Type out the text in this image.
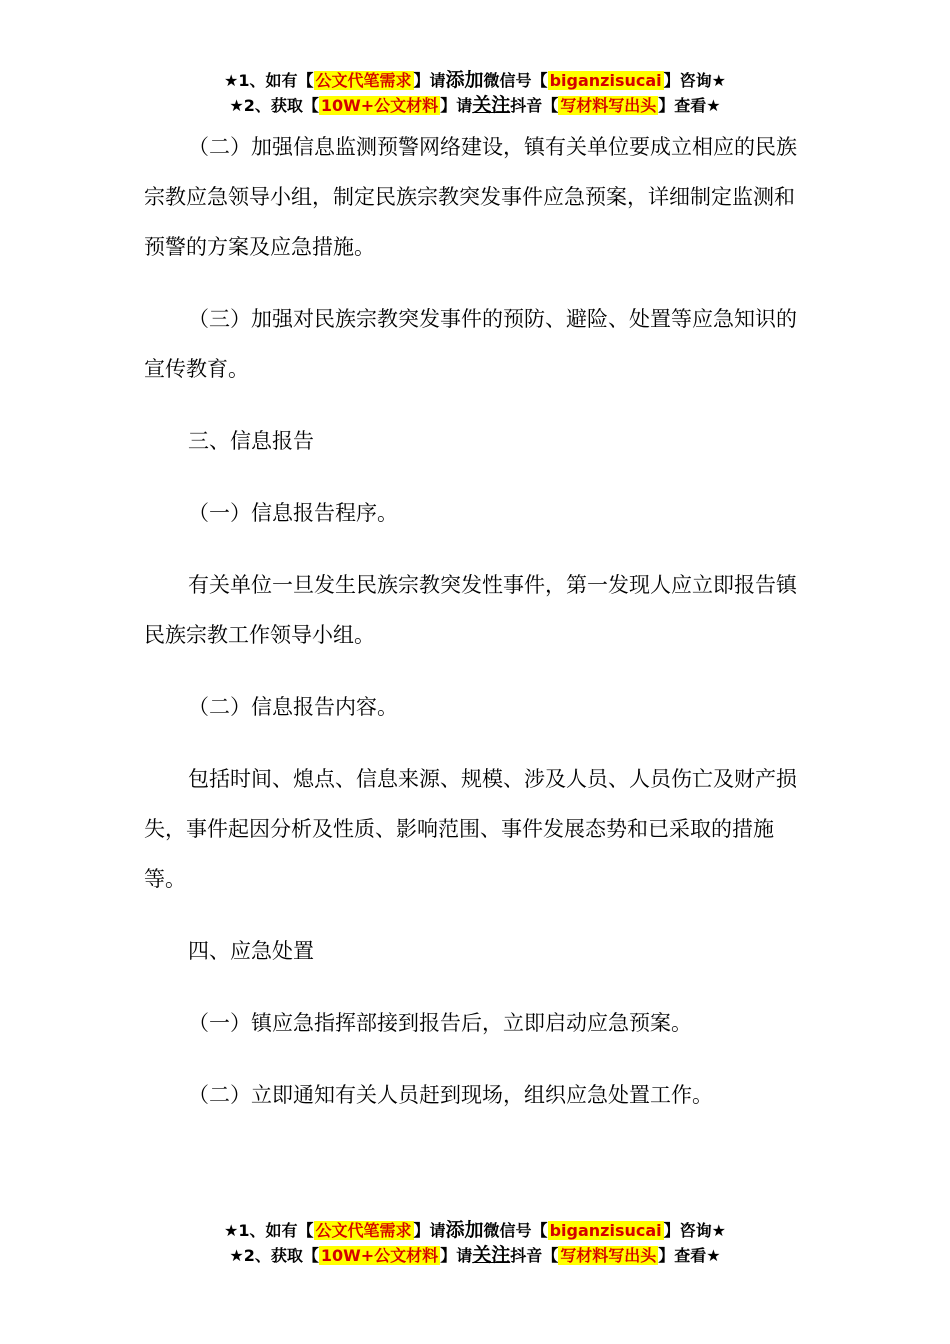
★1、如有【 公文代笔需求 】请添加微信号【 biganzisucai 】咨询★
★2、获取【 10W+公文材料 】请关注抖音【 写材料写出头 】查看★

（二）加强信息监测预警网络建设，镇有关单位要成立相应的民族宗教应急领导小组，制定民族宗教突发事件应急预案，详细制定监测和预警的方案及应急措施。

（三）加强对民族宗教突发事件的预防、避险、处置等应急知识的宣传教育。

三、信息报告

（一）信息报告程序。

有关单位一旦发生民族宗教突发性事件，第一发现人应立即报告镇民族宗教工作领导小组。

（二）信息报告内容。

包括时间、熄点、信息来源、规模、涉及人员、人员伤亡及财产损失，事件起因分析及性质、影响范围、事件发展态势和已采取的措施等。

四、应急处置

（一）镇应急指挥部接到报告后，立即启动应急预案。

（二）立即通知有关人员赶到现场，组织应急处置工作。

★1、如有【 公文代笔需求 】请添加微信号【 biganzisucai 】咨询★
★2、获取【 10W+公文材料 】请关注抖音【 写材料写出头 】查看★
